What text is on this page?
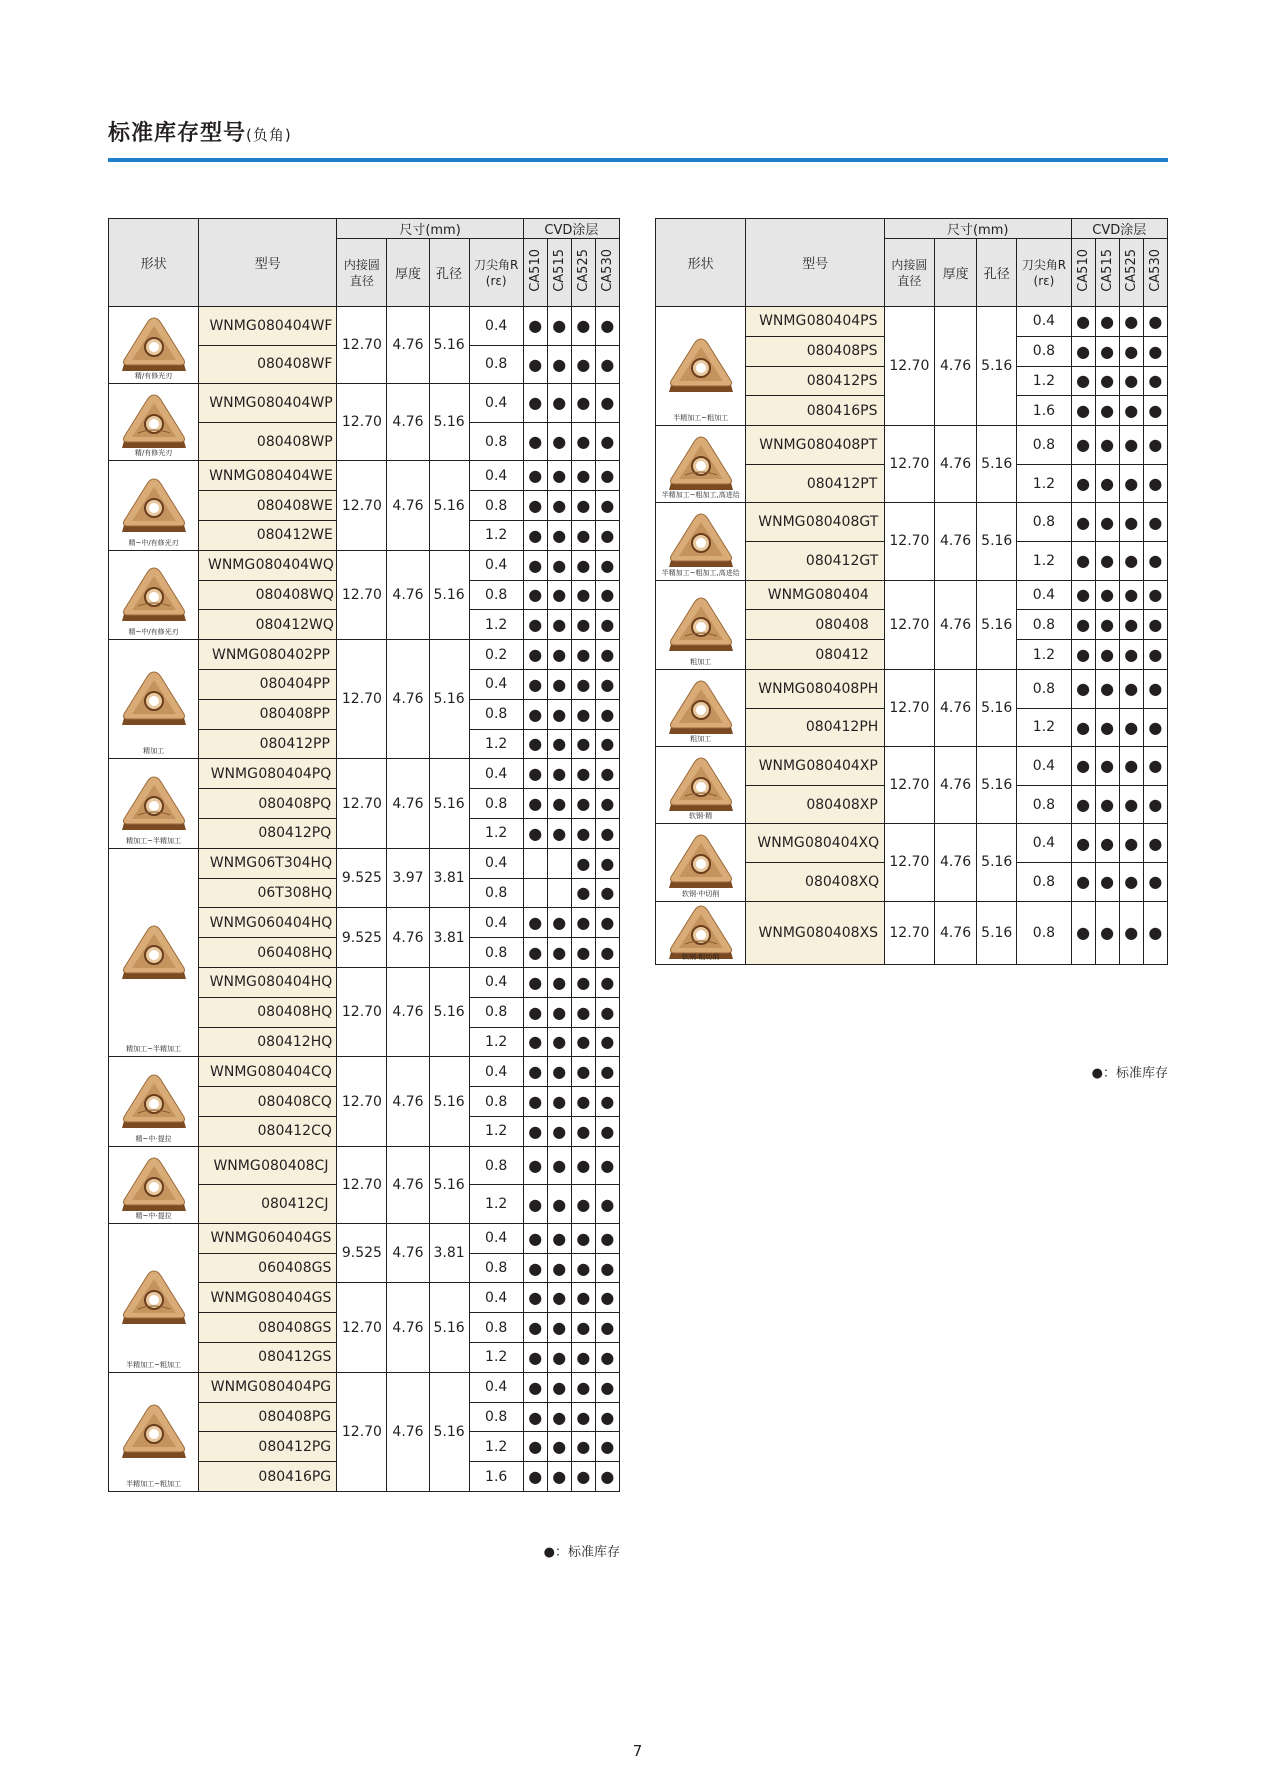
标准库存型号(负角)
形状	型号	尺寸(mm)				CVD涂层			
		内接圆直径	厚度	孔径	刀尖角R (rε)	CA510	CA515	CA525	CA530

精/有修光刃	WNMG080404WF	12.70	4.76	5.16	0.4	●	●	●	●
	080408WF				0.8	●	●	●	●

精/有修光刃	WNMG080404WP	12.70	4.76	5.16	0.4	●	●	●	●
	080408WP				0.8	●	●	●	●

精~中/有修光刃	WNMG080404WE	12.70	4.76	5.16	0.4	●	●	●	●
	080408WE				0.8	●	●	●	●
	080412WE				1.2	●	●	●	●

精~中/有修光刃	WNMG080404WQ	12.70	4.76	5.16	0.4	●	●	●	●
	080408WQ				0.8	●	●	●	●
	080412WQ				1.2	●	●	●	●

精加工	WNMG080402PP	12.70	4.76	5.16	0.2	●	●	●	●
	080404PP				0.4	●	●	●	●
	080408PP				0.8	●	●	●	●
	080412PP				1.2	●	●	●	●

精加工~半精加工	WNMG080404PQ	12.70	4.76	5.16	0.4	●	●	●	●
	080408PQ				0.8	●	●	●	●
	080412PQ				1.2	●	●	●	●

精加工~半精加工	WNMG06T304HQ	9.525	3.97	3.81	0.4			●	●
	06T308HQ				0.8			●	●
	WNMG060404HQ	9.525	4.76	3.81	0.4	●	●	●	●
	060408HQ				0.8	●	●	●	●
	WNMG080404HQ	12.70	4.76	5.16	0.4	●	●	●	●
	080408HQ				0.8	●	●	●	●
	080412HQ				1.2	●	●	●	●

精~中·提拉	WNMG080404CQ	12.70	4.76	5.16	0.4	●	●	●	●
	080408CQ				0.8	●	●	●	●
	080412CQ				1.2	●	●	●	●

精~中·提拉	WNMG080408CJ	12.70	4.76	5.16	0.8	●	●	●	●
	080412CJ				1.2	●	●	●	●

半精加工~粗加工	WNMG060404GS	9.525	4.76	3.81	0.4	●	●	●	●
	060408GS				0.8	●	●	●	●
	WNMG080404GS	12.70	4.76	5.16	0.4	●	●	●	●
	080408GS				0.8	●	●	●	●
	080412GS				1.2	●	●	●	●

半精加工~粗加工	WNMG080404PG	12.70	4.76	5.16	0.4	●	●	●	●
	080408PG				0.8	●	●	●	●
	080412PG				1.2	●	●	●	●
	080416PG				1.6	●	●	●	●
●：标准库存
形状	型号	尺寸(mm)				CVD涂层			
		内接圆直径	厚度	孔径	刀尖角R (rε)	CA510	CA515	CA525	CA530

半精加工~粗加工	WNMG080404PS	12.70	4.76	5.16	0.4	●	●	●	●
	080408PS				0.8	●	●	●	●
	080412PS				1.2	●	●	●	●
	080416PS				1.6	●	●	●	●

半精加工~粗加工,高进给	WNMG080408PT	12.70	4.76	5.16	0.8	●	●	●	●
	080412PT				1.2	●	●	●	●

半精加工~粗加工,高进给	WNMG080408GT	12.70	4.76	5.16	0.8	●	●	●	●
	080412GT				1.2	●	●	●	●

粗加工	WNMG080404	12.70	4.76	5.16	0.4	●	●	●	●
	080408				0.8	●	●	●	●
	080412				1.2	●	●	●	●

粗加工	WNMG080408PH	12.70	4.76	5.16	0.8	●	●	●	●
	080412PH				1.2	●	●	●	●

软钢·精	WNMG080404XP	12.70	4.76	5.16	0.4	●	●	●	●
	080408XP				0.8	●	●	●	●

软钢·中切削	WNMG080404XQ	12.70	4.76	5.16	0.4	●	●	●	●
	080408XQ				0.8	●	●	●	●

软钢·粗切削	WNMG080408XS	12.70	4.76	5.16	0.8	●	●	●	●
●：标准库存
7
